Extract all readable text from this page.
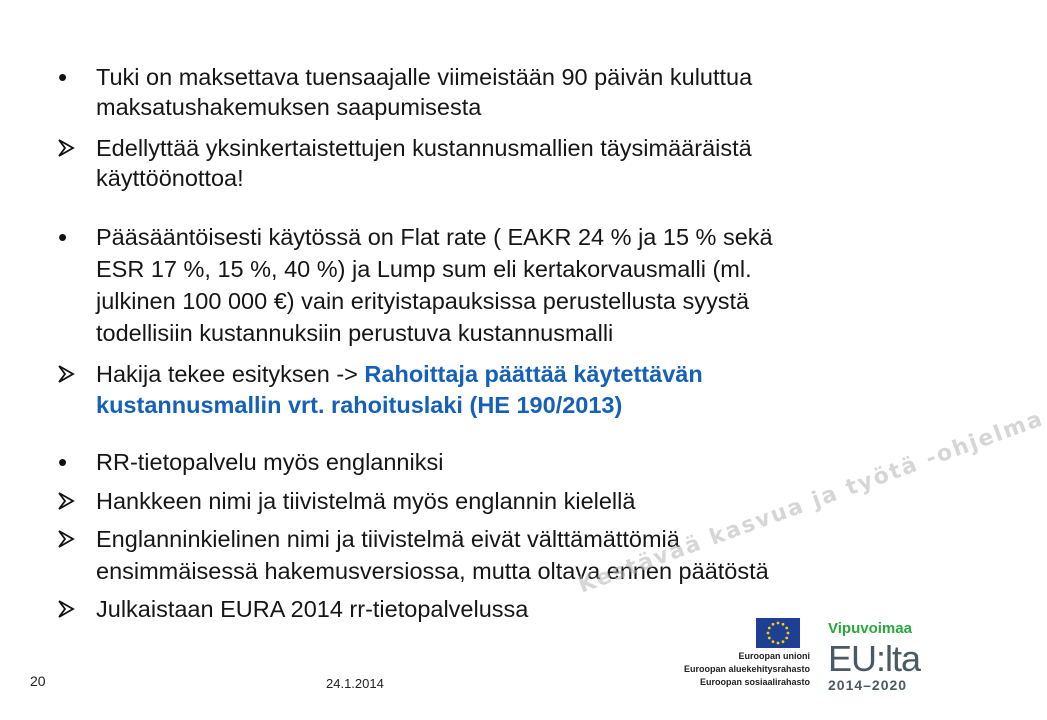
•	Tuki on maksettava tuensaajalle viimeistään 90 päivän kuluttua
maksatushakemuksen saapumisesta
Edellyttää yksinkertaistettujen kustannusmallien täysimääräistä
käyttöönottoa!
•	Pääsääntöisesti käytössä on Flat rate ( EAKR 24 % ja 15 % sekä
ESR 17 %, 15 %, 40 %) ja Lump sum eli kertakorvausmalli (ml.
julkinen 100 000 €) vain erityistapauksissa perustellusta syystä
todellisiin kustannuksiin perustuva kustannusmalli
Hakija tekee esityksen -> Rahoittaja päättää käytettävän
kustannusmallin vrt. rahoituslaki (HE 190/2013)
•	RR-tietopalvelu myös englanniksi
Hankkeen nimi ja tiivistelmä myös englannin kielellä
Englanninkielinen nimi ja tiivistelmä eivät välttämättömiä
ensimmäisessä hakemusversiossa, mutta oltava ennen päätöstä
Julkaistaan EURA 2014 rr-tietopalvelussa
Kestävää kasvua ja työtä -ohjelma
20	24.1.2014
Euroopan unioni
Euroopan aluekehitysrahasto
Euroopan sosiaalirahasto
Vipuvoimaa
EU:lta
2014–2020
